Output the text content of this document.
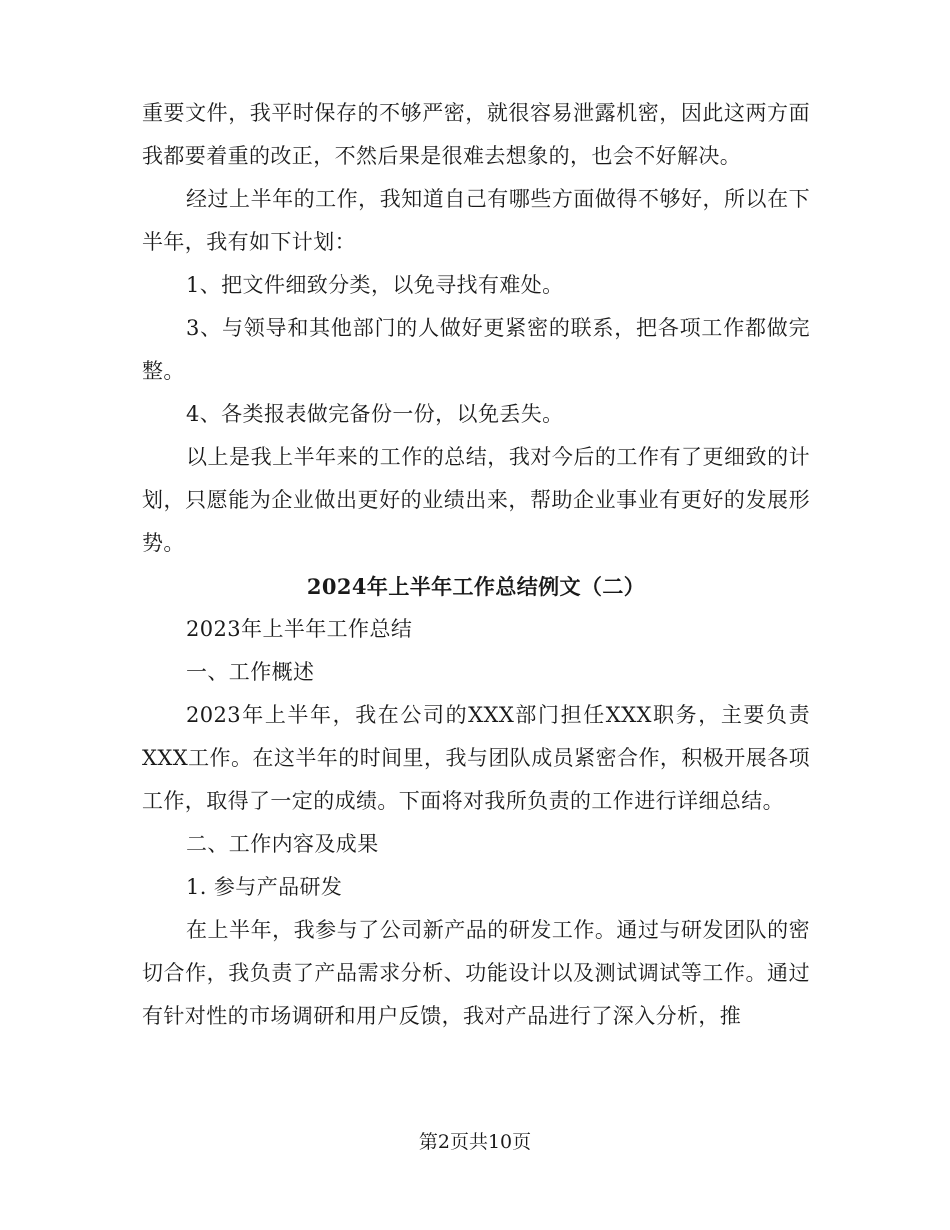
重要文件，我平时保存的不够严密，就很容易泄露机密，因此这两方面我都要着重的改正，不然后果是很难去想象的，也会不好解决。

经过上半年的工作，我知道自己有哪些方面做得不够好，所以在下半年，我有如下计划：

1、把文件细致分类，以免寻找有难处。

3、与领导和其他部门的人做好更紧密的联系，把各项工作都做完整。

4、各类报表做完备份一份，以免丢失。

以上是我上半年来的工作的总结，我对今后的工作有了更细致的计划，只愿能为企业做出更好的业绩出来，帮助企业事业有更好的发展形势。

2024年上半年工作总结例文（二）

2023年上半年工作总结

一、工作概述

2023年上半年，我在公司的XXX部门担任XXX职务，主要负责XXX工作。在这半年的时间里，我与团队成员紧密合作，积极开展各项工作，取得了一定的成绩。下面将对我所负责的工作进行详细总结。

二、工作内容及成果

1. 参与产品研发

在上半年，我参与了公司新产品的研发工作。通过与研发团队的密切合作，我负责了产品需求分析、功能设计以及测试调试等工作。通过有针对性的市场调研和用户反馈，我对产品进行了深入分析，推

第2页共10页
